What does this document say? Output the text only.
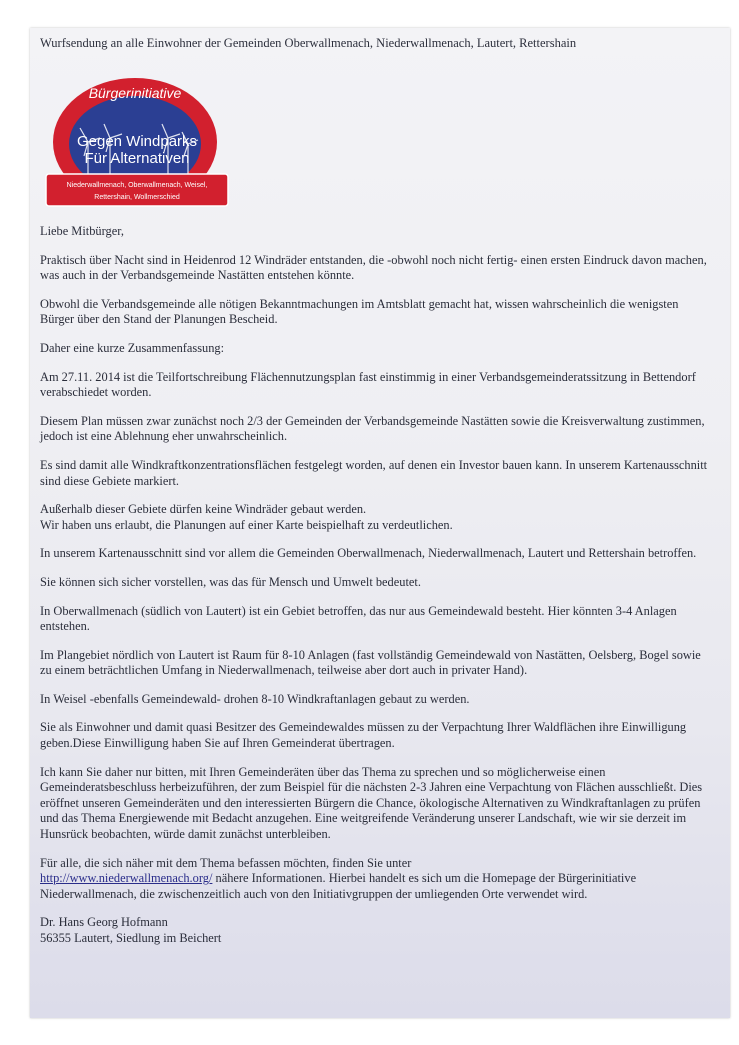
Wurfsendung an alle Einwohner der Gemeinden Oberwallmenach, Niederwallmenach, Lautert, Rettershain
Bürgerinitiative
Gegen Windparks
Für Alternativen
Niederwallmenach, Oberwallmenach, Weisel,
Rettershain, Wollmerschied

Liebe Mitbürger,

Praktisch über Nacht sind in Heidenrod 12 Windräder entstanden, die -obwohl noch nicht fertig- einen ersten Eindruck davon machen, was auch in der Verbandsgemeinde Nastätten entstehen könnte.

Obwohl die Verbandsgemeinde alle nötigen Bekanntmachungen im Amtsblatt gemacht hat, wissen wahrscheinlich die wenigsten Bürger über den Stand der Planungen Bescheid.

Daher eine kurze Zusammenfassung:

Am 27.11. 2014 ist die Teilfortschreibung Flächennutzungsplan fast einstimmig in einer Verbandsgemeinderatssitzung in Bettendorf verabschiedet worden.

Diesem Plan müssen zwar zunächst noch 2/3 der Gemeinden der Verbandsgemeinde Nastätten sowie die Kreisverwaltung zustimmen, jedoch ist eine Ablehnung eher unwahrscheinlich.

Es sind damit alle Windkraftkonzentrationsflächen festgelegt worden, auf denen ein Investor bauen kann. In unserem Kartenausschnitt sind diese Gebiete markiert.

Außerhalb dieser Gebiete dürfen keine Windräder gebaut werden.
Wir haben uns erlaubt, die Planungen auf einer Karte beispielhaft zu verdeutlichen.

In unserem Kartenausschnitt sind vor allem die Gemeinden Oberwallmenach, Niederwallmenach, Lautert und Rettershain betroffen.

Sie können sich sicher vorstellen, was das für Mensch und Umwelt bedeutet.

In Oberwallmenach (südlich von Lautert) ist ein Gebiet betroffen, das nur aus Gemeindewald besteht. Hier könnten 3-4 Anlagen entstehen.

Im Plangebiet nördlich von Lautert ist Raum für 8-10 Anlagen (fast vollständig Gemeindewald von Nastätten, Oelsberg, Bogel sowie zu einem beträchtlichen Umfang in Niederwallmenach, teilweise aber dort auch in privater Hand).

In Weisel -ebenfalls Gemeindewald- drohen 8-10 Windkraftanlagen gebaut zu werden.

Sie als Einwohner und damit quasi Besitzer des Gemeindewaldes müssen zu der Verpachtung Ihrer Waldflächen ihre Einwilligung geben.Diese Einwilligung haben Sie auf Ihren Gemeinderat übertragen.

Ich kann Sie daher nur bitten, mit Ihren Gemeinderäten über das Thema zu sprechen und so möglicherweise einen Gemeinderatsbeschluss herbeizuführen, der zum Beispiel für die nächsten 2-3 Jahren eine Verpachtung von Flächen ausschließt. Dies eröffnet unseren Gemeinderäten und den interessierten Bürgern die Chance, ökologische Alternativen zu Windkraftanlagen zu prüfen und das Thema Energiewende mit Bedacht anzugehen. Eine weitgreifende Veränderung unserer Landschaft, wie wir sie derzeit im Hunsrück beobachten, würde damit zunächst unterbleiben.

Für alle, die sich näher mit dem Thema befassen möchten, finden Sie unter
http://www.niederwallmenach.org/ nähere Informationen. Hierbei handelt es sich um die Homepage der Bürgerinitiative Niederwallmenach, die zwischenzeitlich auch von den Initiativgruppen der umliegenden Orte verwendet wird.

Dr. Hans Georg Hofmann

56355 Lautert, Siedlung im Beichert
